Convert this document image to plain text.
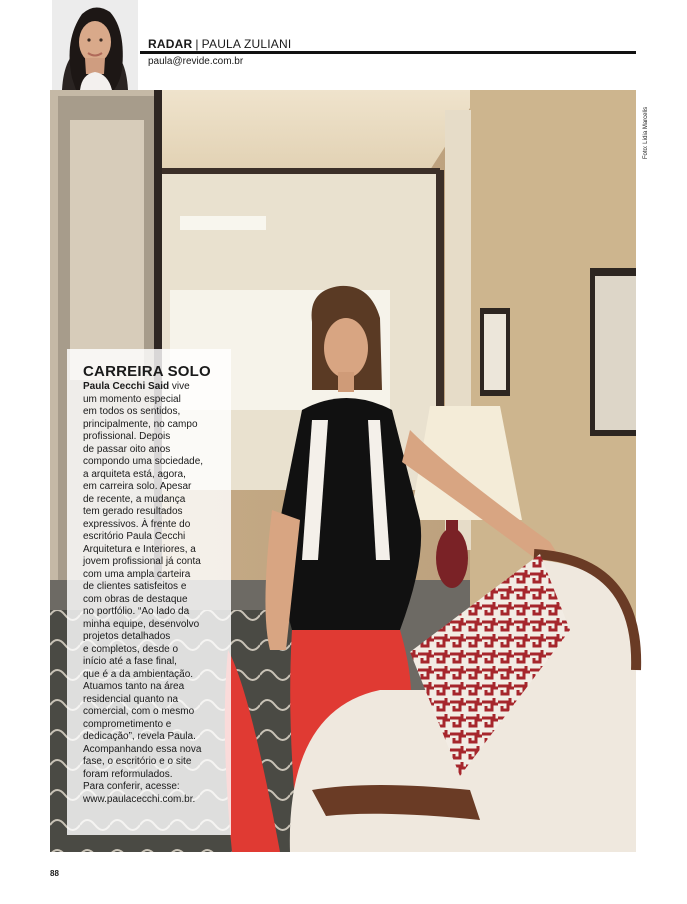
RADAR | PAULA ZULIANI
paula@revide.com.br
Foto: Lídia Marcelis
CARREIRA SOLO
Paula Cecchi Said vive
um momento especial
em todos os sentidos,
principalmente, no campo
profissional. Depois
de passar oito anos
compondo uma sociedade,
a arquiteta está, agora,
em carreira solo. Apesar
de recente, a mudança
tem gerado resultados
expressivos. À frente do
escritório Paula Cecchi
Arquitetura e Interiores, a
jovem profissional já conta
com uma ampla carteira
de clientes satisfeitos e
com obras de destaque
no portfólio. “Ao lado da
minha equipe, desenvolvo
projetos detalhados
e completos, desde o
início até a fase final,
que é a da ambientação.
Atuamos tanto na área
residencial quanto na
comercial, com o mesmo
comprometimento e
dedicação”, revela Paula.
Acompanhando essa nova
fase, o escritório e o site
foram reformulados.
Para conferir, acesse:
www.paulacecchi.com.br.
88
